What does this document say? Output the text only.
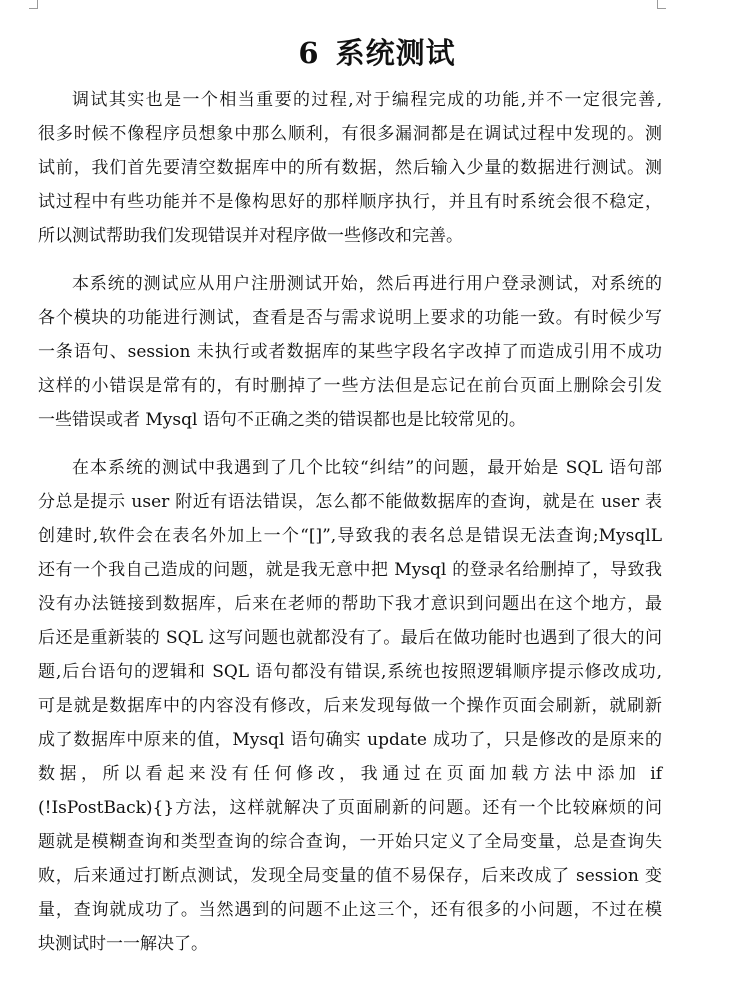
6 系统测试
调试其实也是一个相当重要的过程,对于编程完成的功能,并不一定很完善,
很多时候不像程序员想象中那么顺利，有很多漏洞都是在调试过程中发现的。测
试前，我们首先要清空数据库中的所有数据，然后输入少量的数据进行测试。测
试过程中有些功能并不是像构思好的那样顺序执行，并且有时系统会很不稳定，
所以测试帮助我们发现错误并对程序做一些修改和完善。
本系统的测试应从用户注册测试开始，然后再进行用户登录测试，对系统的
各个模块的功能进行测试，查看是否与需求说明上要求的功能一致。有时候少写
一条语句、session 未执行或者数据库的某些字段名字改掉了而造成引用不成功
这样的小错误是常有的，有时删掉了一些方法但是忘记在前台页面上删除会引发
一些错误或者 Mysql 语句不正确之类的错误都也是比较常见的。
在本系统的测试中我遇到了几个比较“纠结”的问题，最开始是 SQL 语句部
分总是提示 user 附近有语法错误，怎么都不能做数据库的查询，就是在 user 表
创建时,软件会在表名外加上一个“[]”,导致我的表名总是错误无法查询;MysqlL
还有一个我自己造成的问题，就是我无意中把 Mysql 的登录名给删掉了，导致我
没有办法链接到数据库，后来在老师的帮助下我才意识到问题出在这个地方，最
后还是重新装的 SQL 这写问题也就都没有了。最后在做功能时也遇到了很大的问
题,后台语句的逻辑和 SQL 语句都没有错误,系统也按照逻辑顺序提示修改成功,
可是就是数据库中的内容没有修改，后来发现每做一个操作页面会刷新，就刷新
成了数据库中原来的值，Mysql 语句确实 update 成功了，只是修改的是原来的
数据，所以看起来没有任何修改，我通过在页面加载方法中添加 if
(!IsPostBack){}方法，这样就解决了页面刷新的问题。还有一个比较麻烦的问
题就是模糊查询和类型查询的综合查询，一开始只定义了全局变量，总是查询失
败，后来通过打断点测试，发现全局变量的值不易保存，后来改成了 session 变
量，查询就成功了。当然遇到的问题不止这三个，还有很多的小问题，不过在模
块测试时一一解决了。
